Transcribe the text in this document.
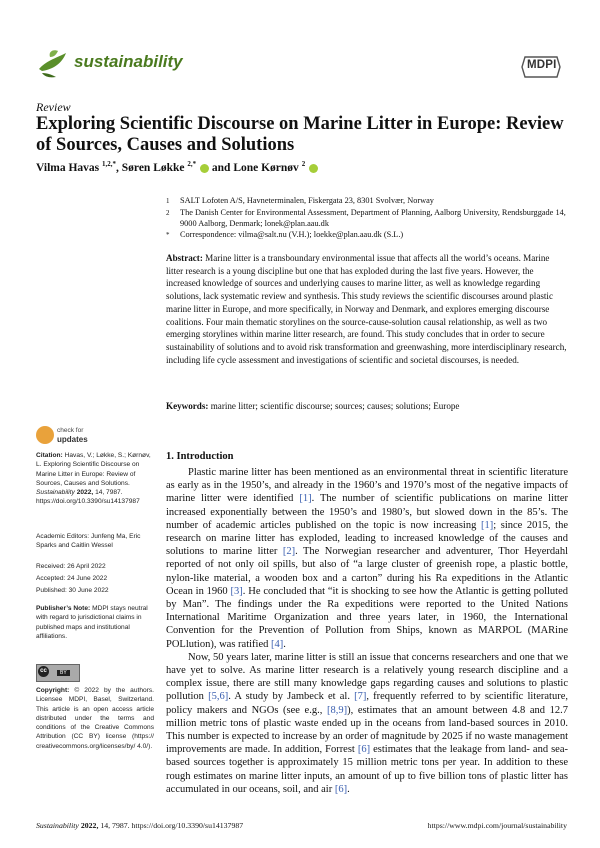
sustainability	MDPI
Review
Exploring Scientific Discourse on Marine Litter in Europe: Review of Sources, Causes and Solutions
Vilma Havas $^{1,2,*}$, Søren Løkke $^{2,*}$  and Lone Kørnøv $^2$
1	SALT Lofoten A/S, Havneterminalen, Fiskergata 23, 8301 Svolvær, Norway
2	The Danish Center for Environmental Assessment, Department of Planning, Aalborg University, Rendsburggade 14, 9000 Aalborg, Denmark; lonek@plan.aau.dk
*	Correspondence: vilma@salt.nu (V.H.); loekke@plan.aau.dk (S.L.)
Abstract: Marine litter is a transboundary environmental issue that affects all the world’s oceans. Marine litter research is a young discipline but one that has exploded during the last five years. However, the increased knowledge of sources and underlying causes to marine litter, as well as knowledge regarding solutions, lack systematic review and synthesis. This study reviews the scientific discourses around plastic marine litter in Europe, and more specifically, in Norway and Denmark, and explores emerging discourse coalitions. Four main thematic storylines on the source-cause-solution causal relationship, as well as two emerging storylines within marine litter research, are found. This study concludes that in order to secure sustainability of solutions and to avoid risk transformation and greenwashing, more interdisciplinary research, including life cycle assessment and investigations of scientific and societal discourses, is needed.
Keywords: marine litter; scientific discourse; sources; causes; solutions; Europe
check for
updates
Citation: Havas, V.; Løkke, S.; Kørnøv, L. Exploring Scientific Discourse on Marine Litter in Europe: Review of Sources, Causes and Solutions. Sustainability 2022, 14, 7987. https://doi.org/10.3390/su14137987
Academic Editors: Junfeng Ma, Eric Sparks and Caitlin Wessel
Received: 26 April 2022
Accepted: 24 June 2022
Published: 30 June 2022
Publisher’s Note: MDPI stays neutral with regard to jurisdictional claims in published maps and institutional affiliations.
cc	BY
Copyright: © 2022 by the authors. Licensee MDPI, Basel, Switzerland. This article is an open access article distributed under the terms and conditions of the Creative Commons Attribution (CC BY) license (https:// creativecommons.org/licenses/by/ 4.0/).
1. Introduction

Plastic marine litter has been mentioned as an environmental threat in scientific literature as early as in the 1950’s, and already in the 1960’s and 1970’s most of the negative impacts of marine litter were identified [1]. The number of scientific publications on marine litter increased exponentially between the 1950’s and 1980’s, but slowed down in the 85’s. The number of academic articles published on the topic is now increasing [1]; since 2015, the research on marine litter has exploded, leading to increased knowledge of the causes and solutions to marine litter [2]. The Norwegian researcher and adventurer, Thor Heyerdahl reported of not only oil spills, but also of “a large cluster of greenish rope, a plastic bottle, nylon-like material, a wooden box and a carton” during his Ra expeditions in the Atlantic Ocean in 1960 [3]. He concluded that “it is shocking to see how the Atlantic is getting polluted by Man”. The findings under the Ra expeditions were reported to the United Nations International Maritime Organization and three years later, in 1960, the International Convention for the Prevention of Pollution from Ships, known as MARPOL (MARine POLlution), was ratified [4].

Now, 50 years later, marine litter is still an issue that concerns researchers and one that we have yet to solve. As marine litter research is a relatively young research discipline and a complex issue, there are still many knowledge gaps regarding causes and solutions to plastic pollution [5,6]. A study by Jambeck et al. [7], frequently referred to by scientific literature, policy makers and NGOs (see e.g., [8,9]), estimates that an amount between 4.8 and 12.7 million metric tons of plastic waste ended up in the oceans from land-based sources in 2010. This number is expected to increase by an order of magnitude by 2025 if no waste management improvements are made. In addition, Forrest [6] estimates that the leakage from land- and sea- based sources together is approximately 15 million metric tons per year. In addition to these rough estimates on marine litter inputs, an amount of up to five billion tons of plastic litter has accumulated in our oceans, soil, and air [6].

Sustainability 2022, 14, 7987. https://doi.org/10.3390/su14137987	https://www.mdpi.com/journal/sustainability
